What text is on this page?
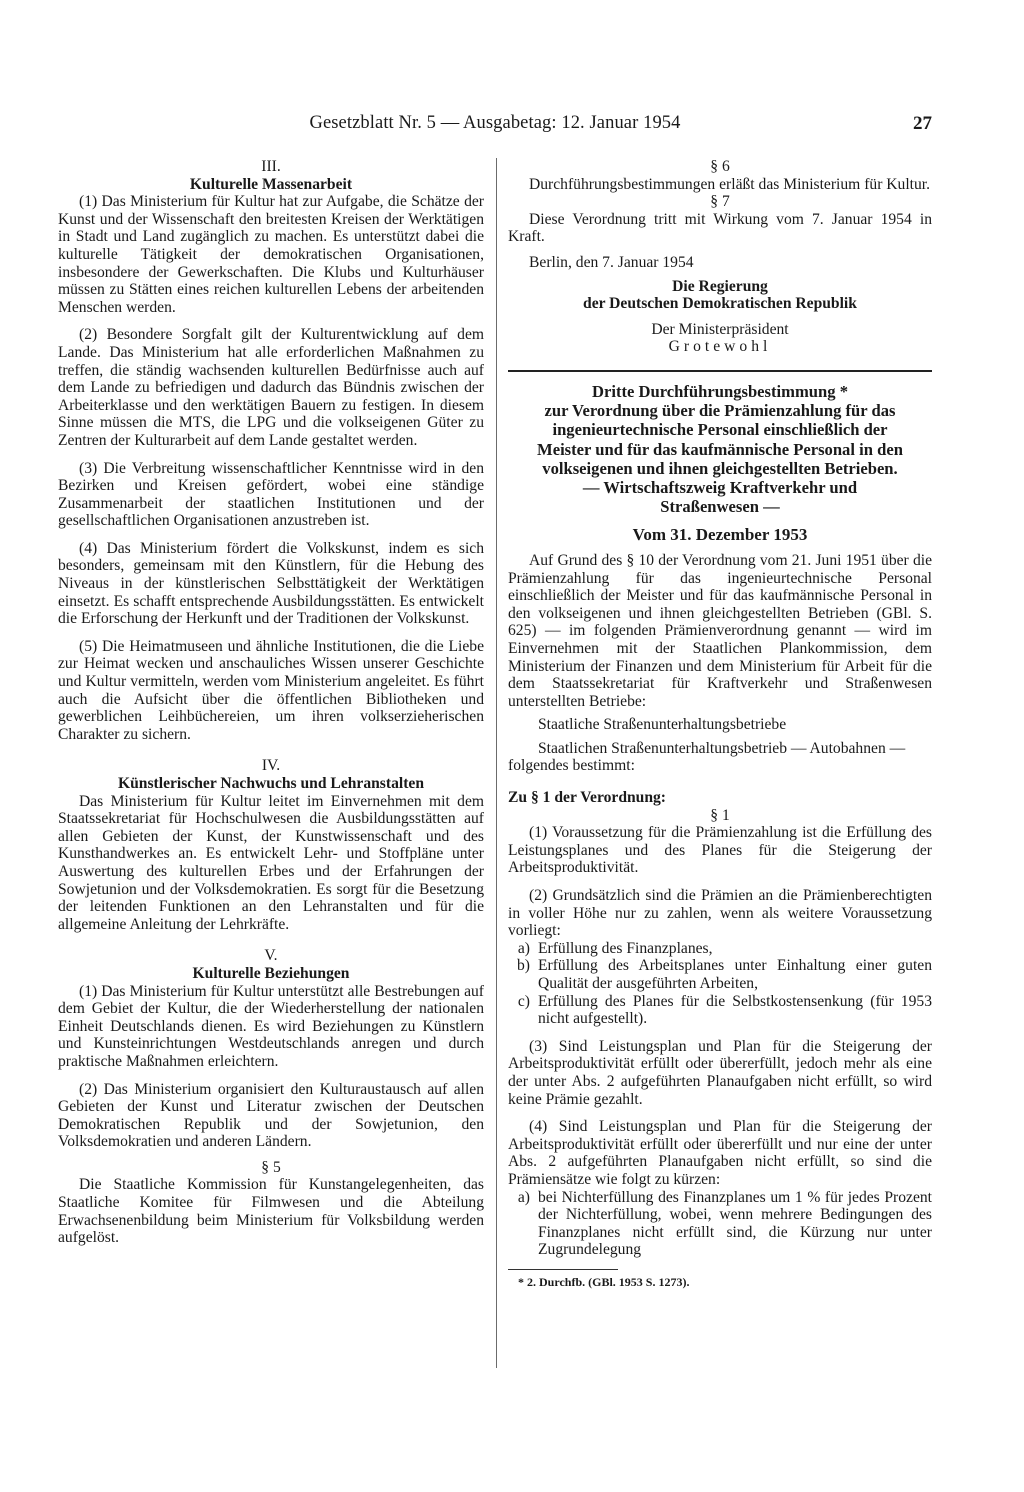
Gesetzblatt Nr. 5 — Ausgabetag: 12. Januar 1954	27
III.
Kulturelle Massenarbeit

(1) Das Ministerium für Kultur hat zur Aufgabe, die Schätze der Kunst und der Wissenschaft den breitesten Kreisen der Werktätigen in Stadt und Land zugänglich zu machen. Es unterstützt dabei die kulturelle Tätigkeit der demokratischen Organisationen, insbesondere der Gewerkschaften. Die Klubs und Kulturhäuser müssen zu Stätten eines reichen kulturellen Lebens der arbeitenden Menschen werden.

(2) Besondere Sorgfalt gilt der Kulturentwicklung auf dem Lande. Das Ministerium hat alle erforderlichen Maßnahmen zu treffen, die ständig wachsenden kulturellen Bedürfnisse auch auf dem Lande zu befriedigen und dadurch das Bündnis zwischen der Arbeiterklasse und den werktätigen Bauern zu festigen. In diesem Sinne müssen die MTS, die LPG und die volkseigenen Güter zu Zentren der Kulturarbeit auf dem Lande gestaltet werden.

(3) Die Verbreitung wissenschaftlicher Kenntnisse wird in den Bezirken und Kreisen gefördert, wobei eine ständige Zusammenarbeit der staatlichen Institutionen und der gesellschaftlichen Organisationen anzustreben ist.

(4) Das Ministerium fördert die Volkskunst, indem es sich besonders, gemeinsam mit den Künstlern, für die Hebung des Niveaus in der künstlerischen Selbsttätigkeit der Werktätigen einsetzt. Es schafft entsprechende Ausbildungsstätten. Es entwickelt die Erforschung der Herkunft und der Traditionen der Volkskunst.

(5) Die Heimatmuseen und ähnliche Institutionen, die die Liebe zur Heimat wecken und anschauliches Wissen unserer Geschichte und Kultur vermitteln, werden vom Ministerium angeleitet. Es führt auch die Aufsicht über die öffentlichen Bibliotheken und gewerblichen Leihbüchereien, um ihren volkserzieherischen Charakter zu sichern.

IV.
Künstlerischer Nachwuchs und Lehranstalten

Das Ministerium für Kultur leitet im Einvernehmen mit dem Staatssekretariat für Hochschulwesen die Ausbildungsstätten auf allen Gebieten der Kunst, der Kunstwissenschaft und des Kunsthandwerkes an. Es entwickelt Lehr- und Stoffpläne unter Auswertung des kulturellen Erbes und der Erfahrungen der Sowjetunion und der Volksdemokratien. Es sorgt für die Besetzung der leitenden Funktionen an den Lehranstalten und für die allgemeine Anleitung der Lehrkräfte.

V.
Kulturelle Beziehungen

(1) Das Ministerium für Kultur unterstützt alle Bestrebungen auf dem Gebiet der Kultur, die der Wiederherstellung der nationalen Einheit Deutschlands dienen. Es wird Beziehungen zu Künstlern und Kunsteinrichtungen Westdeutschlands anregen und durch praktische Maßnahmen erleichtern.

(2) Das Ministerium organisiert den Kulturaustausch auf allen Gebieten der Kunst und Literatur zwischen der Deutschen Demokratischen Republik und der Sowjetunion, den Volksdemokratien und anderen Ländern.

§ 5

Die Staatliche Kommission für Kunstangelegenheiten, das Staatliche Komitee für Filmwesen und die Abteilung Erwachsenenbildung beim Ministerium für Volksbildung werden aufgelöst.

§ 6

Durchführungsbestimmungen erläßt das Ministerium für Kultur.

§ 7

Diese Verordnung tritt mit Wirkung vom 7. Januar 1954 in Kraft.

Berlin, den 7. Januar 1954

Die Regierung
der Deutschen Demokratischen Republik
Der Ministerpräsident
Grotewohl
Dritte Durchführungsbestimmung *
zur Verordnung über die Prämienzahlung für das
ingenieurtechnische Personal einschließlich der
Meister und für das kaufmännische Personal in den
volkseigenen und ihnen gleichgestellten Betrieben.
— Wirtschaftszweig Kraftverkehr und
Straßenwesen —
Vom 31. Dezember 1953

Auf Grund des § 10 der Verordnung vom 21. Juni 1951 über die Prämienzahlung für das ingenieurtechnische Personal einschließlich der Meister und für das kaufmännische Personal in den volkseigenen und ihnen gleichgestellten Betrieben (GBl. S. 625) — im folgenden Prämienverordnung genannt — wird im Einvernehmen mit der Staatlichen Plankommission, dem Ministerium der Finanzen und dem Ministerium für Arbeit für die dem Staatssekretariat für Kraftverkehr und Straßenwesen unterstellten Betriebe:

Staatliche Straßenunterhaltungsbetriebe

Staatlichen Straßenunterhaltungsbetrieb — Autobahnen —

folgendes bestimmt:

Zu § 1 der Verordnung:
§ 1

(1) Voraussetzung für die Prämienzahlung ist die Erfüllung des Leistungsplanes und des Planes für die Steigerung der Arbeitsproduktivität.

(2) Grundsätzlich sind die Prämien an die Prämienberechtigten in voller Höhe nur zu zahlen, wenn als weitere Voraussetzung vorliegt:

a) Erfüllung des Finanzplanes,
b) Erfüllung des Arbeitsplanes unter Einhaltung einer guten Qualität der ausgeführten Arbeiten,
c) Erfüllung des Planes für die Selbstkostensenkung (für 1953 nicht aufgestellt).

(3) Sind Leistungsplan und Plan für die Steigerung der Arbeitsproduktivität erfüllt oder übererfüllt, jedoch mehr als eine der unter Abs. 2 aufgeführten Planaufgaben nicht erfüllt, so wird keine Prämie gezahlt.

(4) Sind Leistungsplan und Plan für die Steigerung der Arbeitsproduktivität erfüllt oder übererfüllt und nur eine der unter Abs. 2 aufgeführten Planaufgaben nicht erfüllt, so sind die Prämiensätze wie folgt zu kürzen:

a) bei Nichterfüllung des Finanzplanes um 1 % für jedes Prozent der Nichterfüllung, wobei, wenn mehrere Bedingungen des Finanzplanes nicht erfüllt sind, die Kürzung nur unter Zugrundelegung
* 2. Durchfb. (GBl. 1953 S. 1273).
